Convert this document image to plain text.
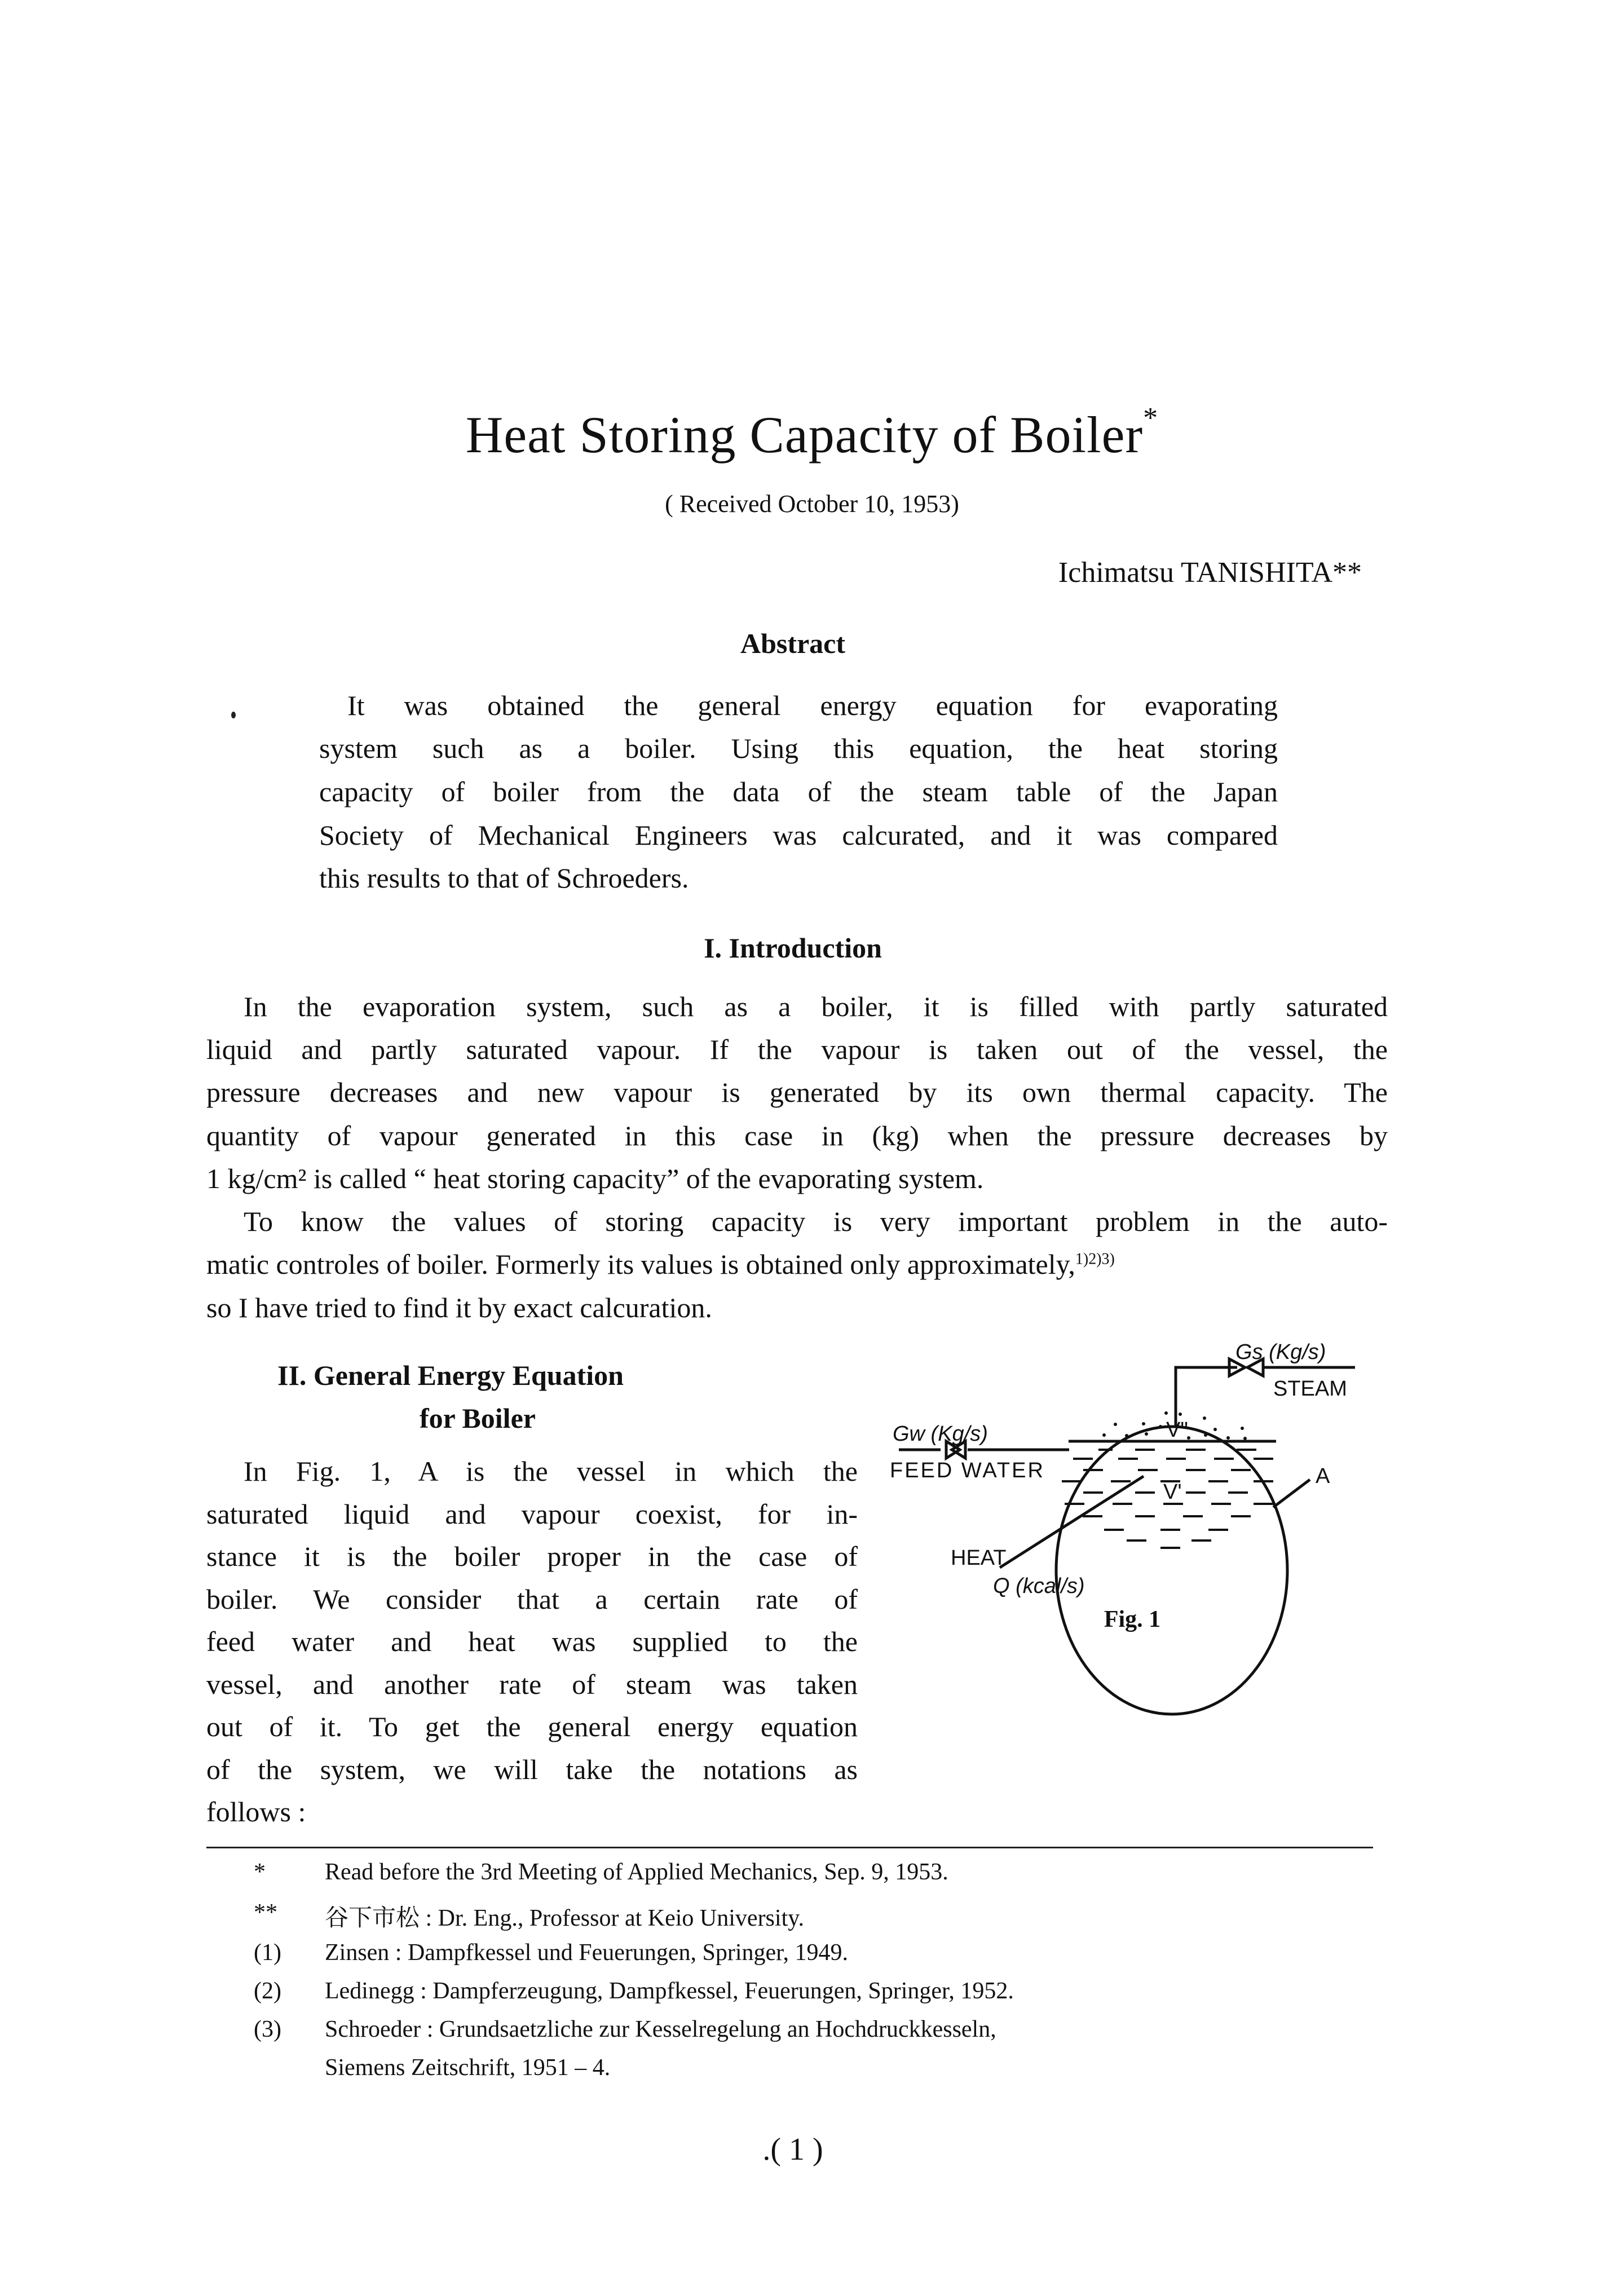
Heat Storing Capacity of Boiler*
( Received October 10, 1953)
Ichimatsu TANISHITA**
Abstract
It was obtained the general energy equation for evaporating
system such as a boiler. Using this equation, the heat storing
capacity of boiler from the data of the steam table of the Japan
Society of Mechanical Engineers was calcurated, and it was compared
this results to that of Schroeders.
I. Introduction
In the evaporation system, such as a boiler, it is filled with partly saturated
liquid and partly saturated vapour. If the vapour is taken out of the vessel, the
pressure decreases and new vapour is generated by its own thermal capacity. The
quantity of vapour generated in this case in (kg) when the pressure decreases by
1 kg/cm² is called “ heat storing capacity” of the evaporating system.
To know the values of storing capacity is very important problem in the auto-
matic controles of boiler. Formerly its values is obtained only approximately,$^{1)2)3)}$
so I have tried to find it by exact calcuration.
II. General Energy Equation
for Boiler
In Fig. 1, A is the vessel in which the
saturated liquid and vapour coexist, for in-
stance it is the boiler proper in the case of
boiler. We consider that a certain rate of
feed water and heat was supplied to the
vessel, and another rate of steam was taken
out of it. To get the general energy equation
of the system, we will take the notations as
follows :
Gs (Kg/s)
STEAM
Gw (Kg/s)
FEED WATER
V"
V'
A
HEAT
Q (kcal/s)
Fig. 1
*	Read before the 3rd Meeting of Applied Mechanics, Sep. 9, 1953.
** 谷下市松 : Dr. Eng., Professor at Keio University.
(1) Zinsen : Dampfkessel und Feuerungen, Springer, 1949.
(2) Ledinegg : Dampferzeugung, Dampfkessel, Feuerungen, Springer, 1952.
(3) Schroeder : Grundsaetzliche zur Kesselregelung an Hochdruckkesseln,
Siemens Zeitschrift, 1951 – 4.
.( 1 )
